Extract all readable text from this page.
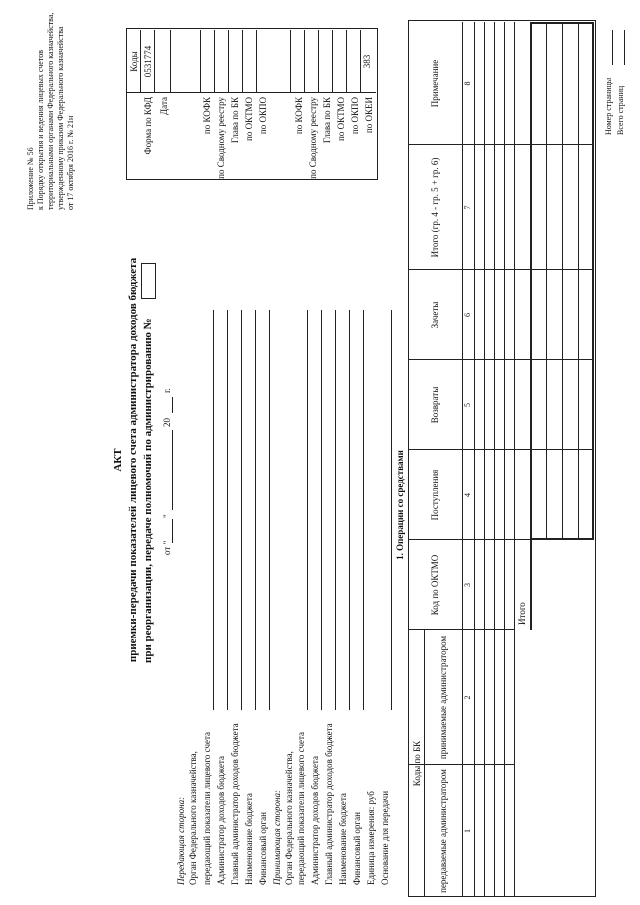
Приложение № 56 к Порядку открытия и ведения лицевых счетов территориальными органами Федерального казначейства, утвержденному приказом Федерального казначейства от 17 октября 2016 г. № 21н
АКТ приемки-передачи показателей лицевого счета администратора доходов бюджета при реорганизации, передаче полномочий по администрированию № от "
"
20
г.
Коды
Форма по КФД
0531774
Дата
383
Передающая сторона: Орган Федерального казначейства, передающий показатели лицевого счета
по КОФК
Администратор доходов бюджета
по Сводному реестру
Главный администратор доходов бюджета
Глава по БК
Наименование бюджета
по ОКТМО
Финансовый орган
по ОКПО
Принимающая сторона: Орган Федерального казначейства, передающий показатели лицевого счета
по КОФК
Администратор доходов бюджета
по Сводному реестру
Главный администратор доходов бюджета
Глава по БК
Наименование бюджета
по ОКТМО
Финансовый орган
по ОКПО
Единица измерения: руб
по ОКЕИ
Основание для передачи
1. Операции со средствами
Коды по БК
передаваемые администратором
принимаемые администратором
Код по ОКТМО
Поступления
Возвраты
Зачеты
Итого (гр. 4 - гр. 5 + гр. 6)
Примечание
1
2
3
4
5
6
7
8
Итого
Номер страницы Всего страниц
